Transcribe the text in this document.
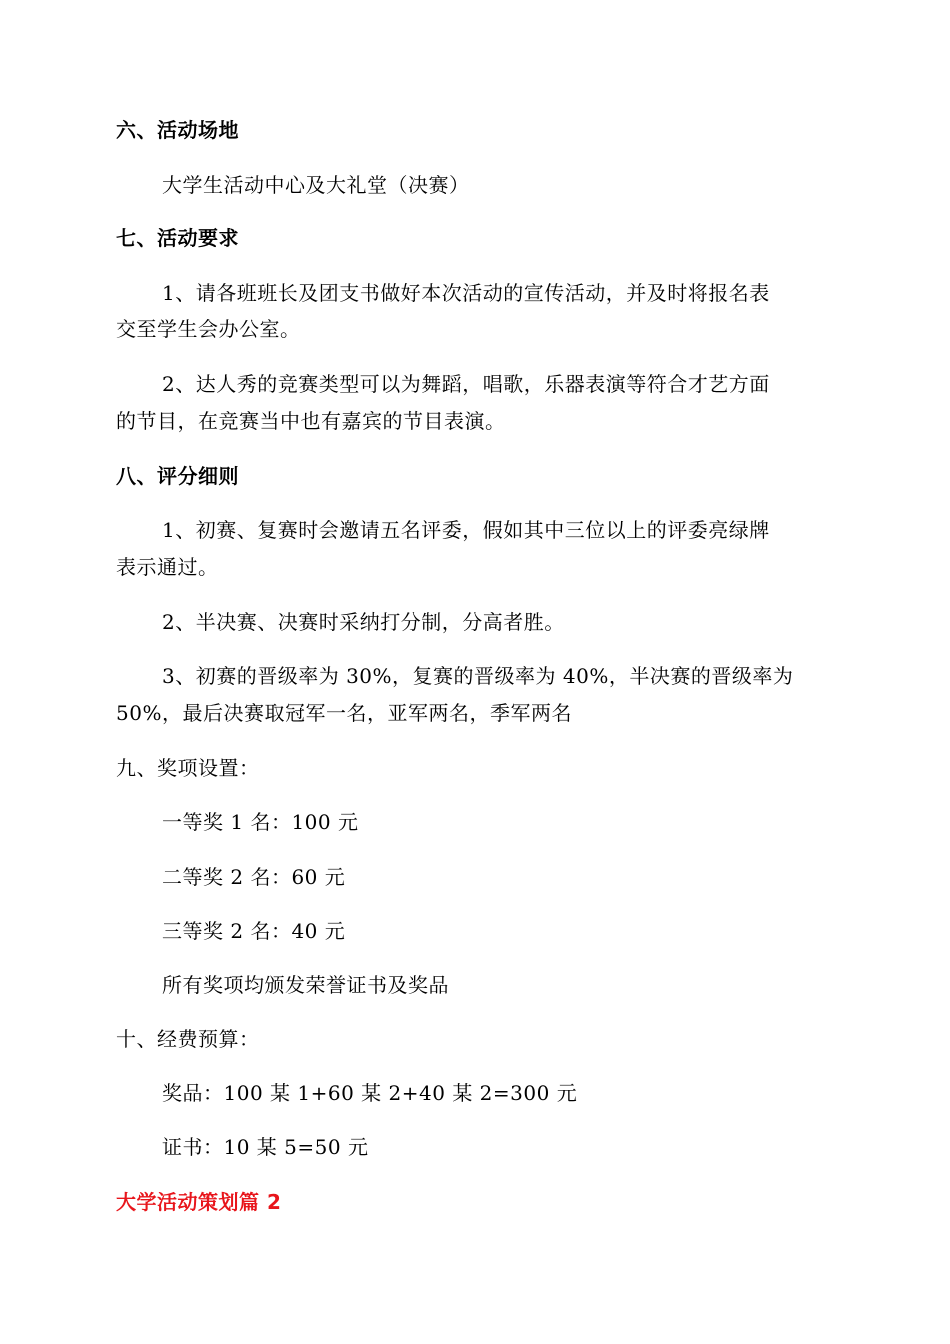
六、活动场地
大学生活动中心及大礼堂（决赛）
七、活动要求
1、请各班班长及团支书做好本次活动的宣传活动，并及时将报名表
交至学生会办公室。
2、达人秀的竞赛类型可以为舞蹈，唱歌，乐器表演等符合才艺方面
的节目，在竞赛当中也有嘉宾的节目表演。
八、评分细则
1、初赛、复赛时会邀请五名评委，假如其中三位以上的评委亮绿牌
表示通过。
2、半决赛、决赛时采纳打分制，分高者胜。
3、初赛的晋级率为 30%，复赛的晋级率为 40%，半决赛的晋级率为
50%，最后决赛取冠军一名，亚军两名，季军两名
九、奖项设置：
一等奖 1 名：100 元
二等奖 2 名：60 元
三等奖 2 名：40 元
所有奖项均颁发荣誉证书及奖品
十、经费预算：
奖品：100 某 1+60 某 2+40 某 2=300 元
证书：10 某 5=50 元
大学活动策划篇 2
